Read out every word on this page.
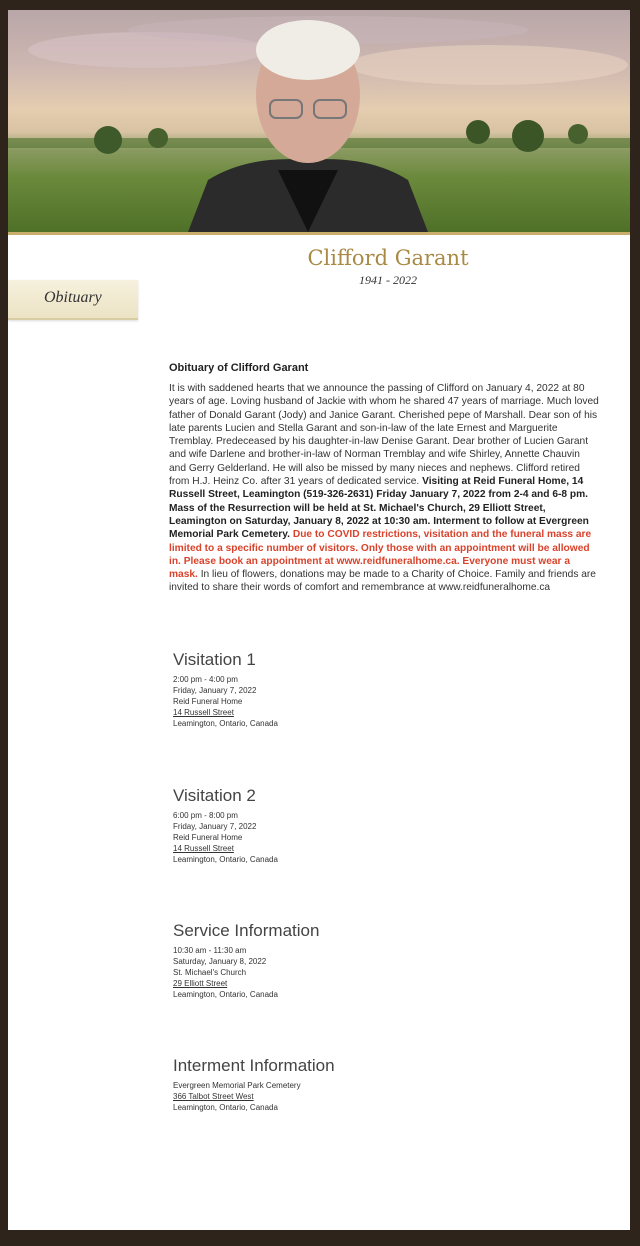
Clifford Garant
1941 - 2022
Obituary
Obituary of Clifford Garant
It is with saddened hearts that we announce the passing of Clifford on January 4, 2022 at 80 years of age. Loving husband of Jackie with whom he shared 47 years of marriage. Much loved father of Donald Garant (Jody) and Janice Garant. Cherished pepe of Marshall. Dear son of his late parents Lucien and Stella Garant and son-in-law of the late Ernest and Marguerite Tremblay. Predeceased by his daughter-in-law Denise Garant. Dear brother of Lucien Garant and wife Darlene and brother-in-law of Norman Tremblay and wife Shirley, Annette Chauvin and Gerry Gelderland. He will also be missed by many nieces and nephews. Clifford retired from H.J. Heinz Co. after 31 years of dedicated service. Visiting at Reid Funeral Home, 14 Russell Street, Leamington (519-326-2631) Friday January 7, 2022 from 2-4 and 6-8 pm. Mass of the Resurrection will be held at St. Michael's Church, 29 Elliott Street, Leamington on Saturday, January 8, 2022 at 10:30 am. Interment to follow at Evergreen Memorial Park Cemetery. Due to COVID restrictions, visitation and the funeral mass are limited to a specific number of visitors. Only those with an appointment will be allowed in. Please book an appointment at www.reidfuneralhome.ca. Everyone must wear a mask. In lieu of flowers, donations may be made to a Charity of Choice. Family and friends are invited to share their words of comfort and remembrance at www.reidfuneralhome.ca
Visitation 1
2:00 pm - 4:00 pm
Friday, January 7, 2022
Reid Funeral Home
14 Russell Street
Leamington, Ontario, Canada
Visitation 2
6:00 pm - 8:00 pm
Friday, January 7, 2022
Reid Funeral Home
14 Russell Street
Leamington, Ontario, Canada
Service Information
10:30 am - 11:30 am
Saturday, January 8, 2022
St. Michael's Church
29 Elliott Street
Leamington, Ontario, Canada
Interment Information
Evergreen Memorial Park Cemetery
366 Talbot Street West
Leamington, Ontario, Canada
